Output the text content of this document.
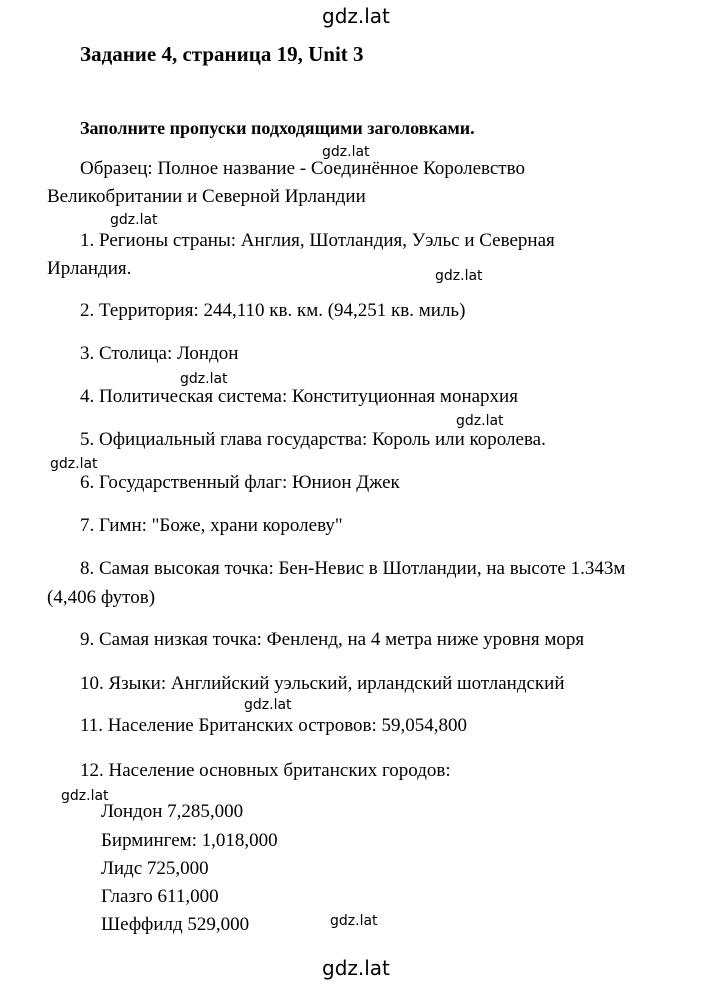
gdz.lat
gdz.lat
gdz.lat
gdz.lat
gdz.lat
gdz.lat
gdz.lat
gdz.lat
gdz.lat
gdz.lat
gdz.lat
Задание 4, страница 19, Unit 3
Заполните пропуски подходящими заголовками.
Образец: Полное название - Соединённое Королевство
Великобритании и Северной Ирландии
1. Регионы страны: Англия, Шотландия, Уэльс и Северная
Ирландия.
2. Территория: 244,110 кв. км. (94,251 кв. миль)
3. Столица: Лондон
4. Политическая система: Конституционная монархия
5. Официальный глава государства: Король или королева.
6. Государственный флаг: Юнион Джек
7. Гимн: "Боже, храни королеву"
8. Самая высокая точка: Бен-Невис в Шотландии, на высоте 1.343м
(4,406 футов)
9. Самая низкая точка: Фенленд, на 4 метра ниже уровня моря
10. Языки: Английский уэльский, ирландский шотландский
11. Население Британских островов: 59,054,800
12. Население основных британских городов:
Лондон 7,285,000
Бирмингем: 1,018,000
Лидс 725,000
Глазго 611,000
Шеффилд 529,000
